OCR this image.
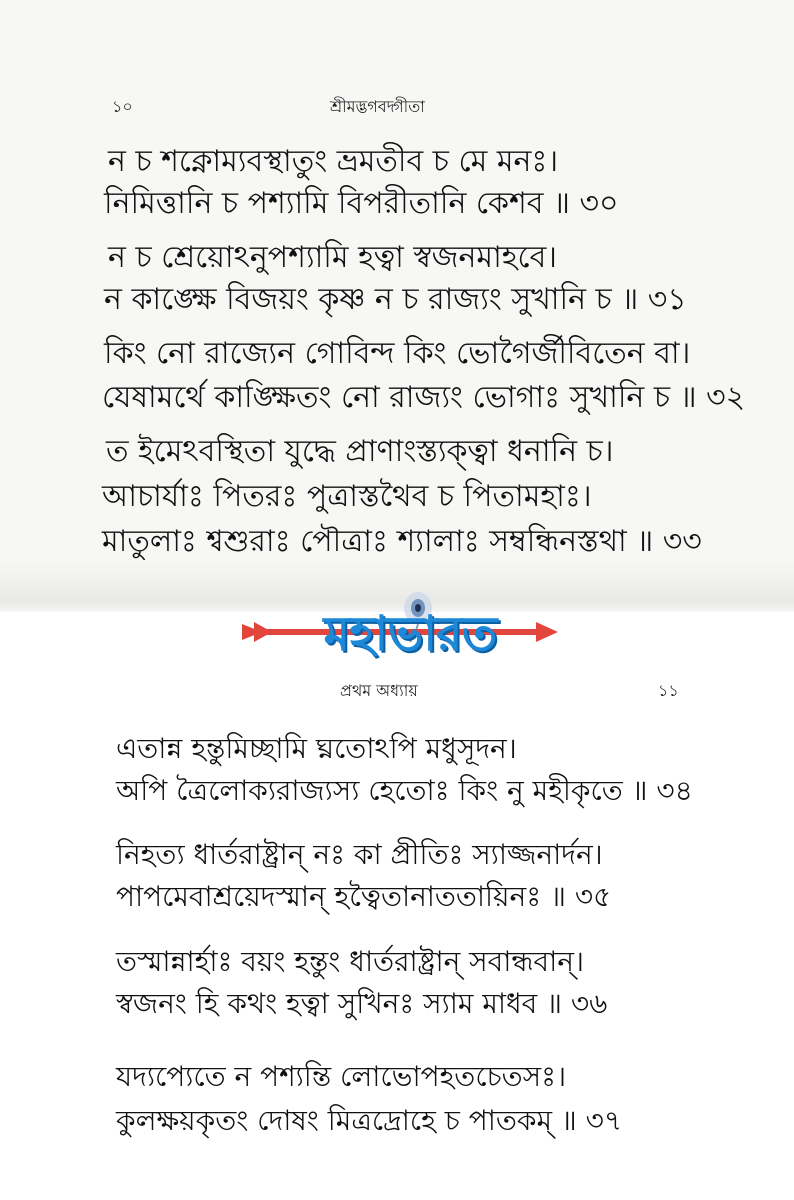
১০	শ্রীমদ্ভগবদ্গীতা
ন চ শক্নোম্যবস্থাতুং ভ্রমতীব চ মে মনঃ।
নিমিত্তানি চ পশ্যামি বিপরীতানি কেশব ॥ ৩০
ন চ শ্রেয়োঽনুপশ্যামি হত্বা স্বজনমাহবে।
ন কাঙ্ক্ষে বিজয়ং কৃষ্ণ ন চ রাজ্যং সুখানি চ ॥ ৩১
কিং নো রাজ্যেন গোবিন্দ কিং ভোগৈর্জীবিতেন বা।
যেষামর্থে কাঙ্ক্ষিতং নো রাজ্যং ভোগাঃ সুখানি চ ॥ ৩২
ত ইমেঽবস্থিতা যুদ্ধে প্রাণাংস্ত্যক্ত্বা ধনানি চ।
আচার্যাঃ পিতরঃ পুত্রাস্তথৈব চ পিতামহাঃ।
মাতুলাঃ শ্বশুরাঃ পৌত্রাঃ শ্যালাঃ সম্বন্ধিনস্তথা ॥ ৩৩
প্রথম অধ্যায়	১১
এতান্ন হন্তুমিচ্ছামি ঘ্নতোঽপি মধুসূদন।
অপি ত্রৈলোক্যরাজ্যস্য হেতোঃ কিং নু মহীকৃতে ॥ ৩৪
নিহত্য ধার্তরাষ্ট্রান্ নঃ কা প্রীতিঃ স্যাজ্জনার্দন।
পাপমেবাশ্রয়েদস্মান্ হত্বৈতানাততায়িনঃ ॥ ৩৫
তস্মান্নার্হাঃ বয়ং হন্তুং ধার্তরাষ্ট্রান্ সবান্ধবান্।
স্বজনং হি কথং হত্বা সুখিনঃ স্যাম মাধব ॥ ৩৬
যদ্যপ্যেতে ন পশ্যন্তি লোভোপহতচেতসঃ।
কুলক্ষয়কৃতং দোষং মিত্রদ্রোহে চ পাতকম্ ॥ ৩৭
মহাভারত
